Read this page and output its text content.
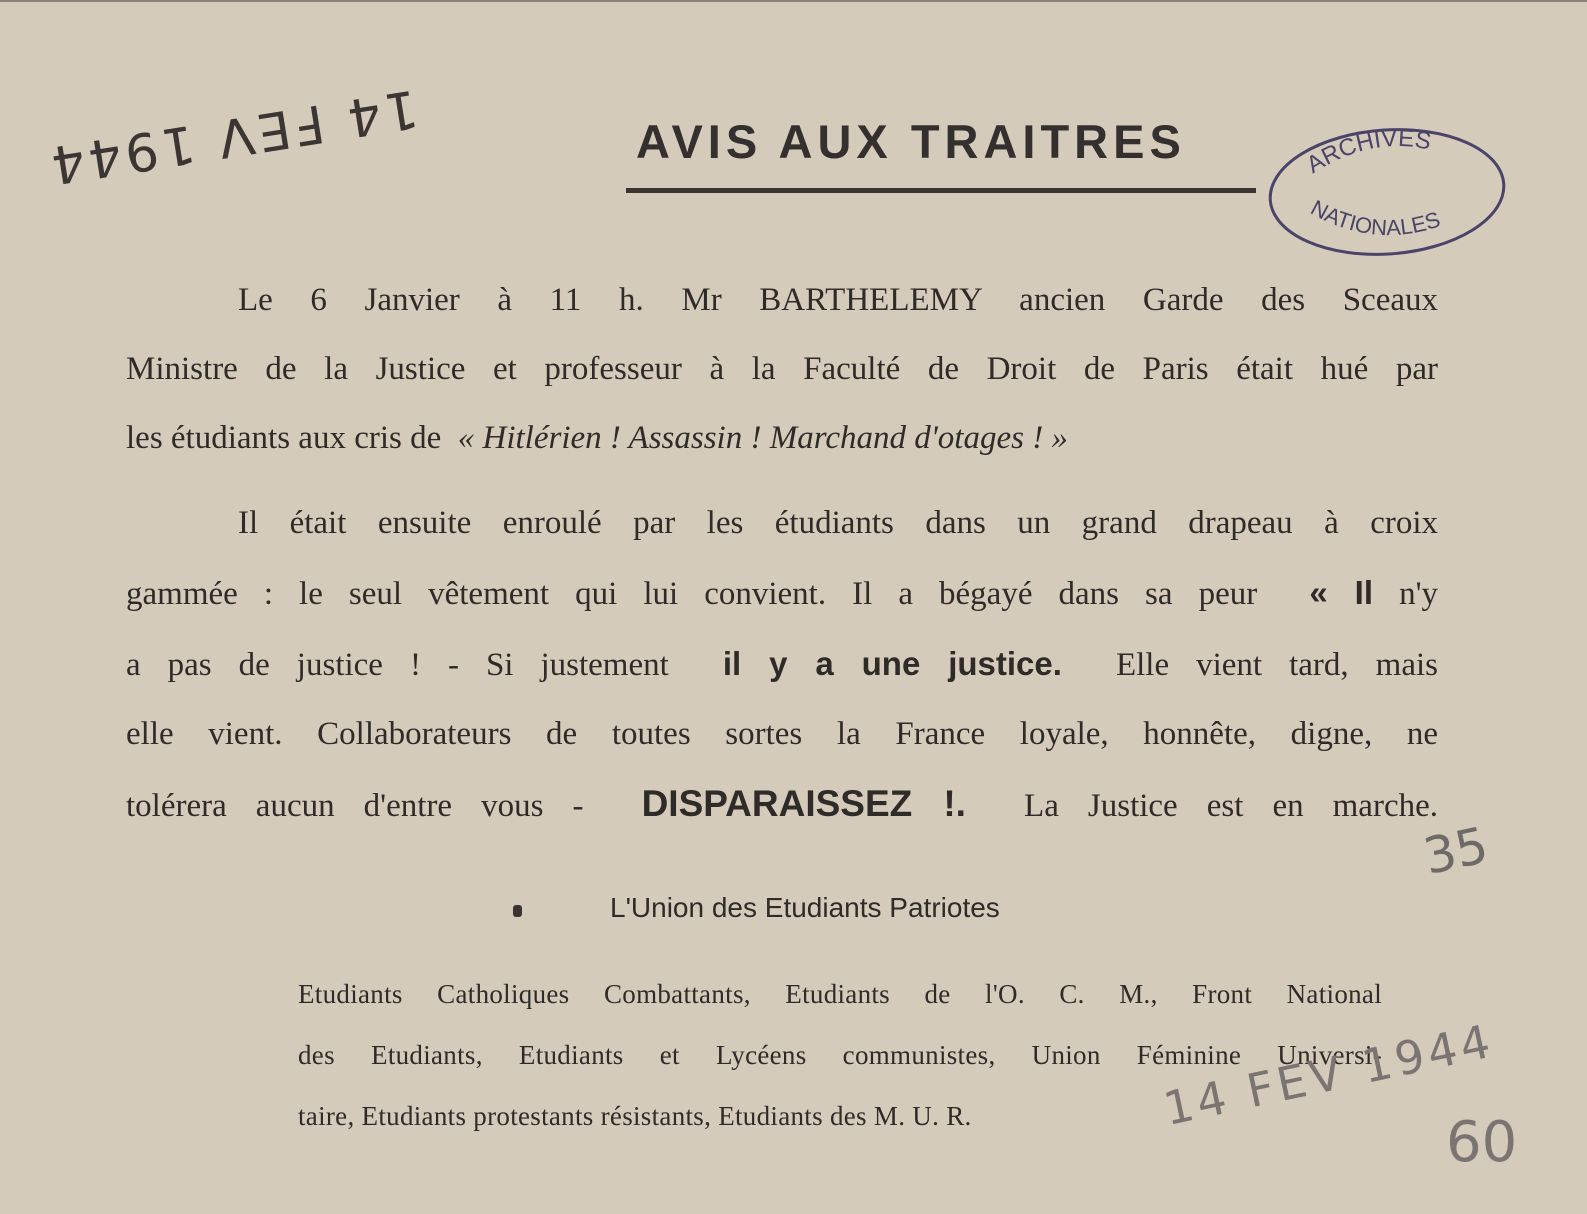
AVIS AUX TRAITRES	ARCHIVES
NATIONALES
14 FEV 1944
Le 6 Janvier à 11 h. Mr BARTHELEMY ancien Garde des Sceaux
Ministre de la Justice et professeur à la Faculté de Droit de Paris était hué par
les étudiants aux cris de « Hitlérien ! Assassin ! Marchand d'otages ! »
Il était ensuite enroulé par les étudiants dans un grand drapeau à croix
gammée : le seul vêtement qui lui convient. Il a bégayé dans sa peur « Il n'y
a pas de justice ! - Si justement il y a une justice. Elle vient tard, mais
elle vient. Collaborateurs de toutes sortes la France loyale, honnête, digne, ne
tolérera aucun d'entre vous - DISPARAISSEZ !. La Justice est en marche.
L'Union des Etudiants Patriotes
Etudiants Catholiques Combattants, Etudiants de l'O. C. M., Front National
des Etudiants, Etudiants et Lycéens communistes, Union Féminine Universi-
taire, Etudiants protestants résistants, Etudiants des M. U. R.
35
14 FEV 1944
60
